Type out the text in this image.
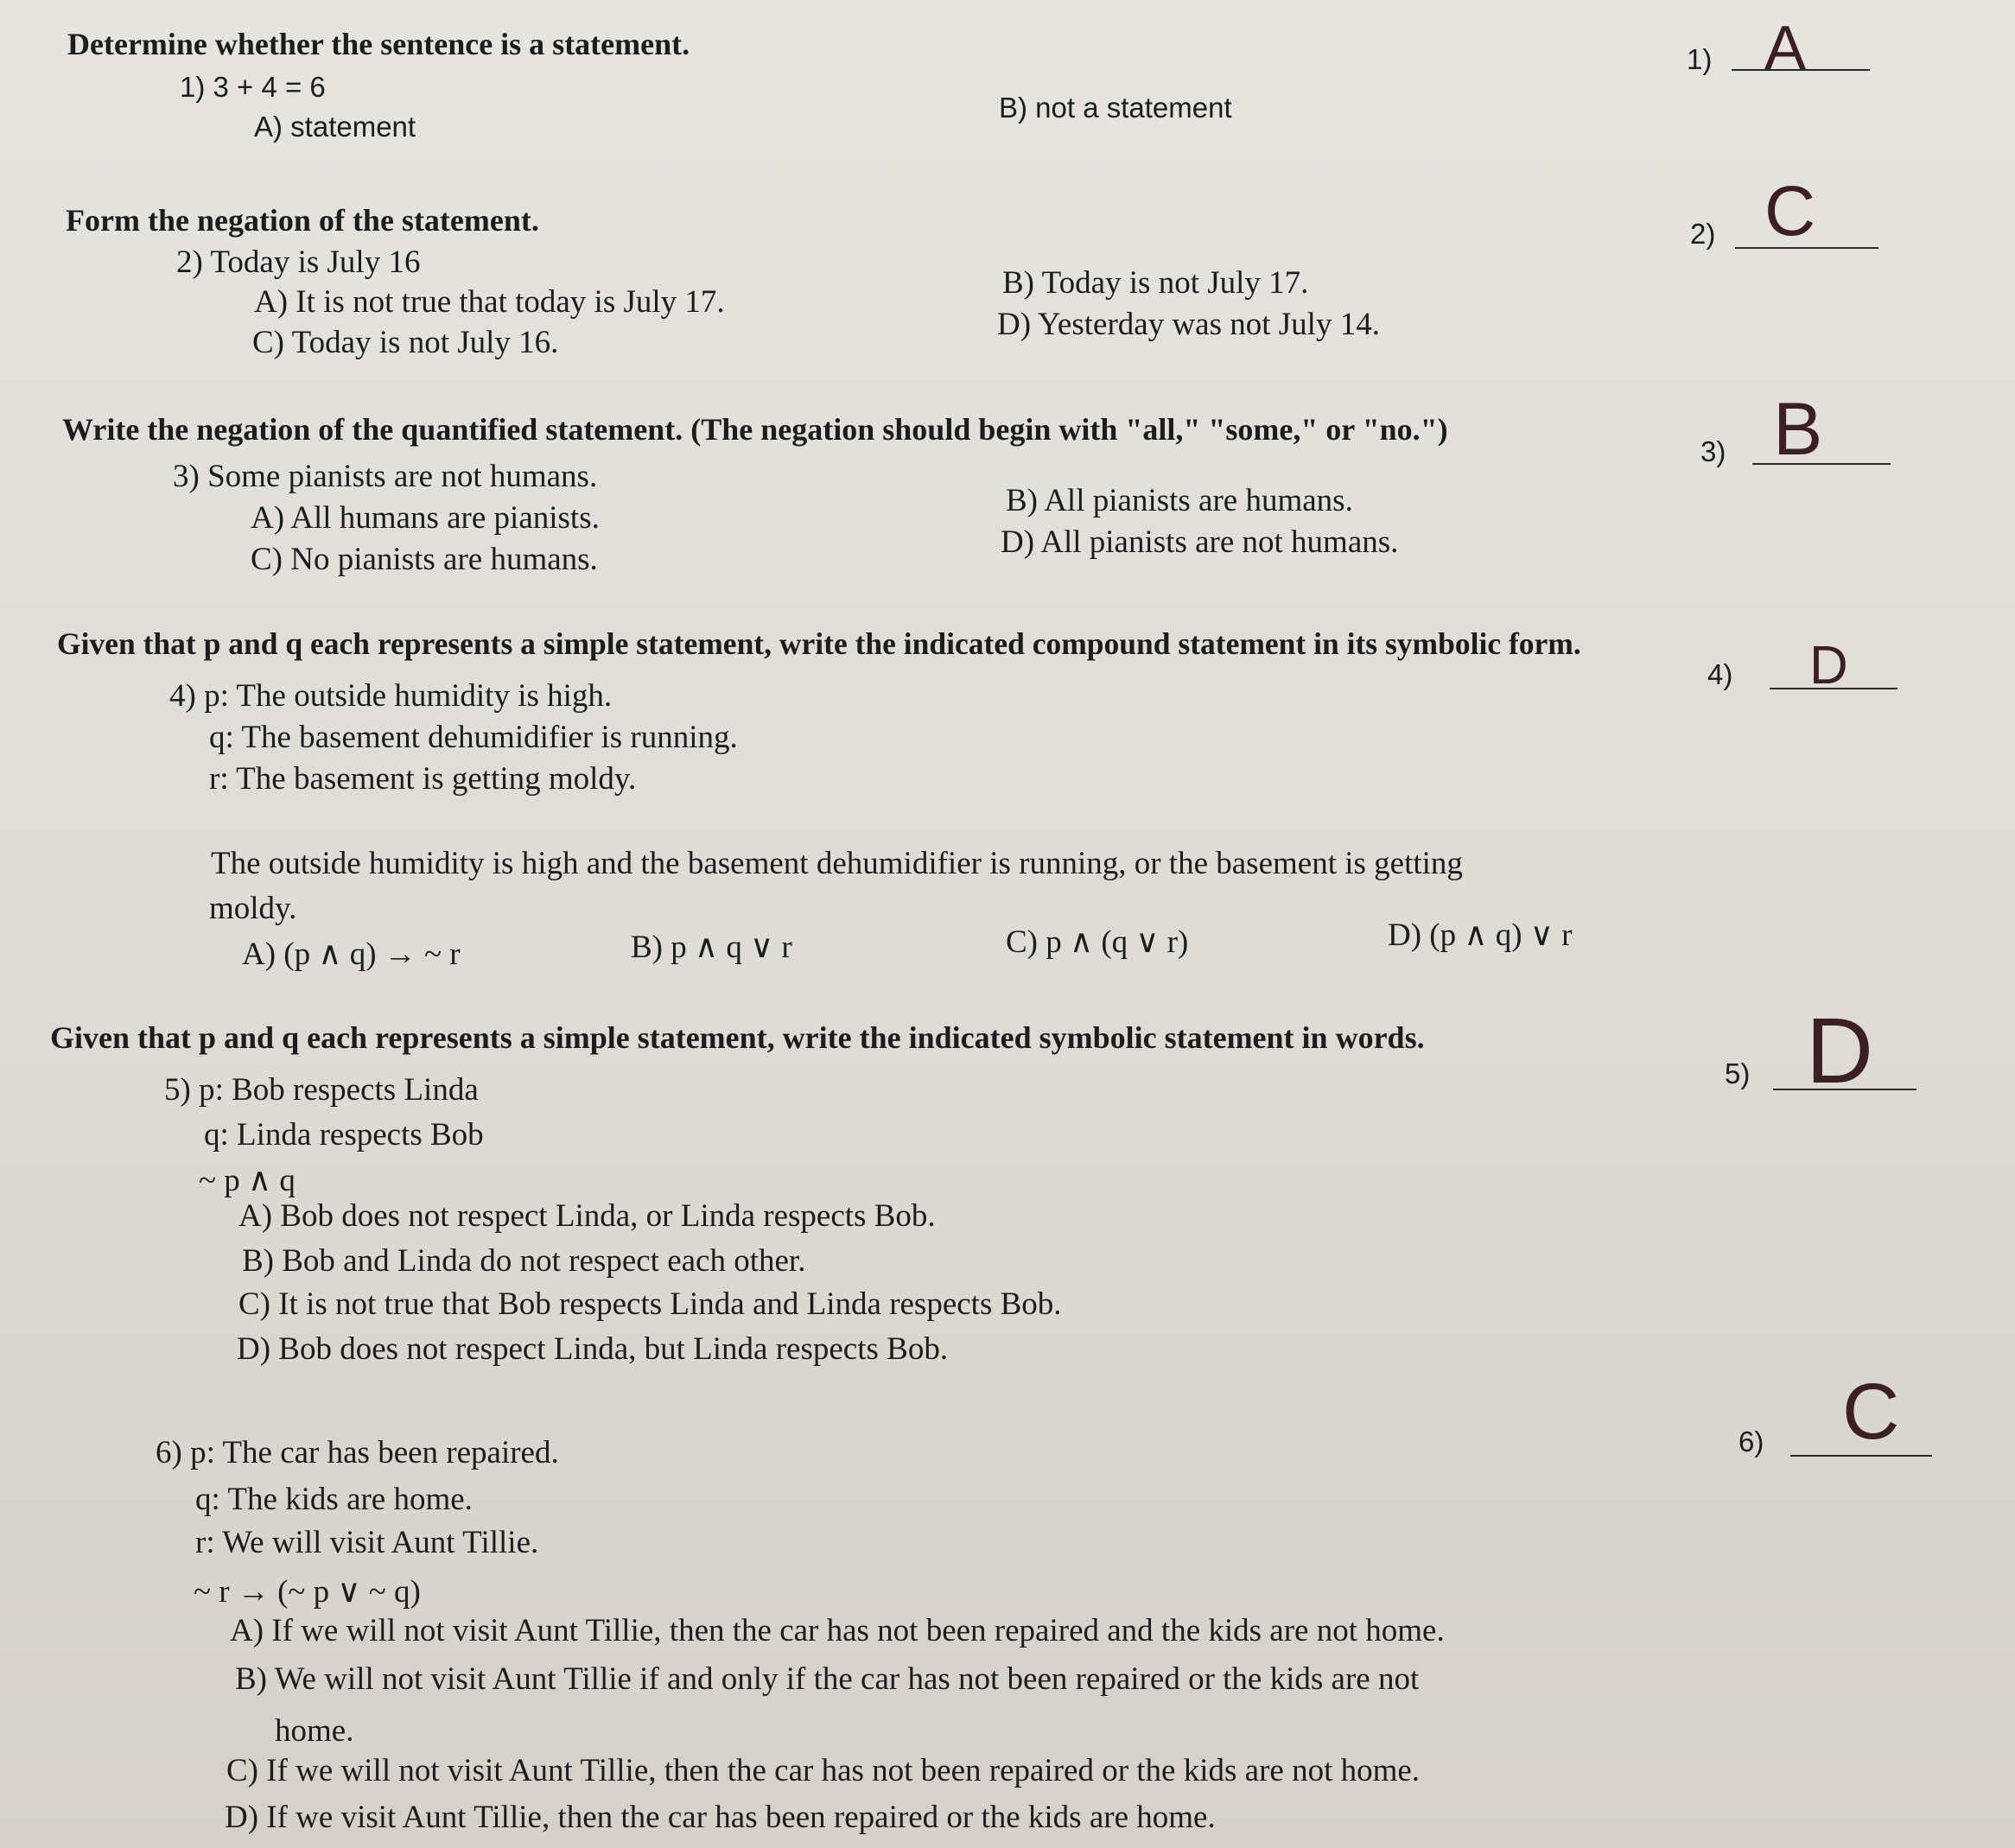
Determine whether the sentence is a statement.
1) 3 + 4 = 6
A) statement
B) not a statement
Form the negation of the statement.
2) Today is July 16
A) It is not true that today is July 17.
B) Today is not July 17.
C) Today is not July 16.
D) Yesterday was not July 14.
Write the negation of the quantified statement. (The negation should begin with "all," "some," or "no.")
3) Some pianists are not humans.
A) All humans are pianists.	B) All pianists are humans.
C) No pianists are humans.	D) All pianists are not humans.
Given that p and q each represents a simple statement, write the indicated compound statement in its symbolic form.
4) p: The outside humidity is high.
q: The basement dehumidifier is running.
r: The basement is getting moldy.
The outside humidity is high and the basement dehumidifier is running, or the basement is getting
moldy.
A) (p ∧ q) → ~ r	B) p ∧ q ∨ r	C) p ∧ (q ∨ r)	D) (p ∧ q) ∨ r
Given that p and q each represents a simple statement, write the indicated symbolic statement in words.
5) p: Bob respects Linda
q: Linda respects Bob
~ p ∧ q
A) Bob does not respect Linda, or Linda respects Bob.
B) Bob and Linda do not respect each other.
C) It is not true that Bob respects Linda and Linda respects Bob.
D) Bob does not respect Linda, but Linda respects Bob.
6) p: The car has been repaired.
q: The kids are home.
r: We will visit Aunt Tillie.
~ r → (~ p ∨ ~ q)
A) If we will not visit Aunt Tillie, then the car has not been repaired and the kids are not home.
B) We will not visit Aunt Tillie if and only if the car has not been repaired or the kids are not
home.
C) If we will not visit Aunt Tillie, then the car has not been repaired or the kids are not home.
D) If we visit Aunt Tillie, then the car has been repaired or the kids are home.
1) A
2) C
3) B
4) D
5) D
6) C
